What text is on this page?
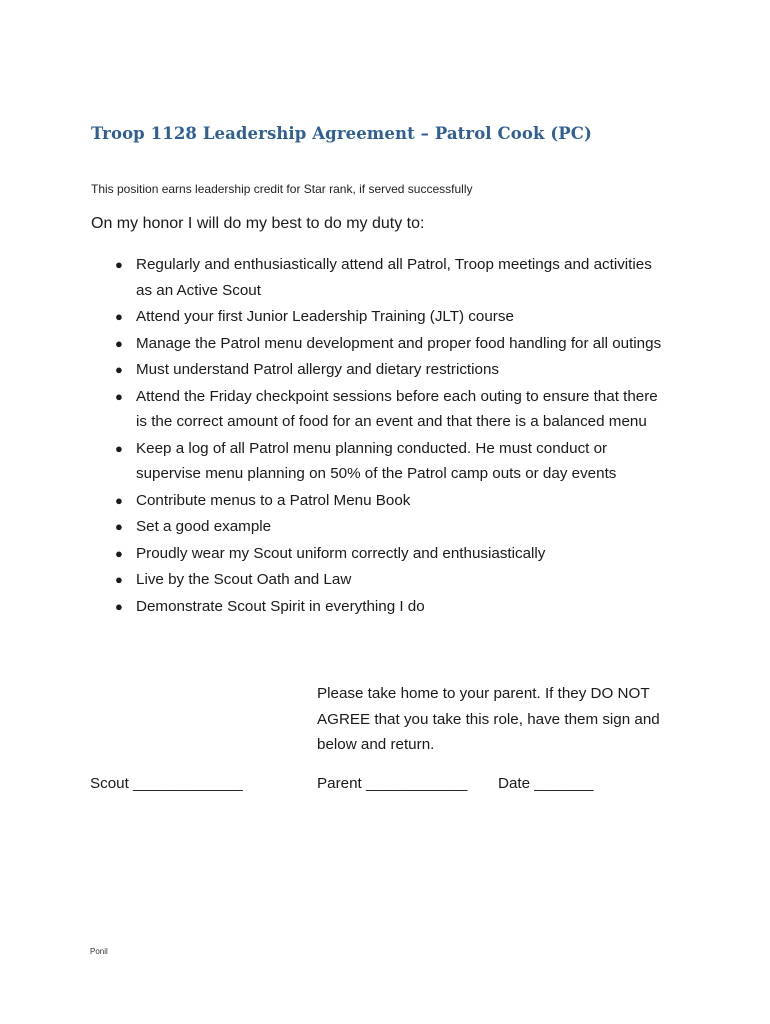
Troop 1128 Leadership Agreement – Patrol Cook (PC)
This position earns leadership credit for Star rank, if served successfully
On my honor I will do my best to do my duty to:
● Regularly and enthusiastically attend all Patrol, Troop meetings and activities as an Active Scout
● Attend your first Junior Leadership Training (JLT) course
● Manage the Patrol menu development and proper food handling for all outings
● Must understand Patrol allergy and dietary restrictions
● Attend the Friday checkpoint sessions before each outing to ensure that there is the correct amount of food for an event and that there is a balanced menu
● Keep a log of all Patrol menu planning conducted. He must conduct or supervise menu planning on 50% of the Patrol camp outs or day events
● Contribute menus to a Patrol Menu Book
● Set a good example
● Proudly wear my Scout uniform correctly and enthusiastically
● Live by the Scout Oath and Law
● Demonstrate Scout Spirit in everything I do
Please take home to your parent. If they DO NOT AGREE that you take this role, have them sign and below and return.
Scout _____________	Parent ____________ Date _______
Ponil
